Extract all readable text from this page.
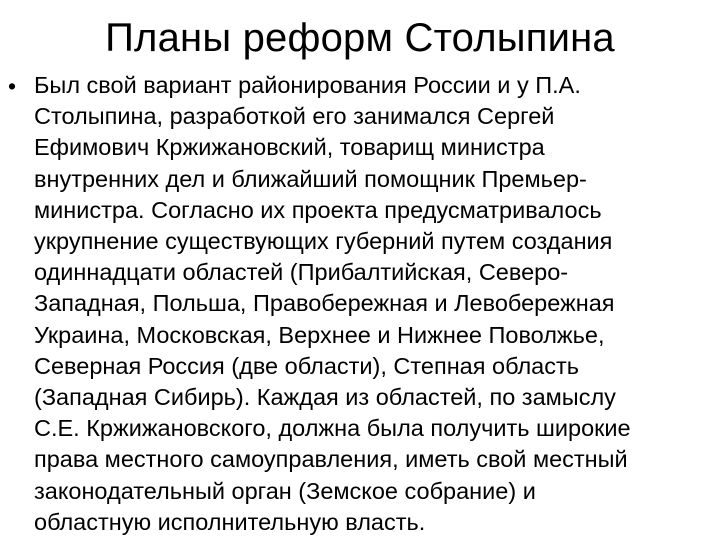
Планы реформ Столыпина
• Был свой вариант районирования России и у П.А.
Столыпина, разработкой его занимался Сергей
Ефимович Кржижановский, товарищ министра
внутренних дел и ближайший помощник Премьер-
министра. Согласно их проекта предусматривалось
укрупнение существующих губерний путем создания
одиннадцати областей (Прибалтийская, Северо-
Западная, Польша, Правобережная и Левобережная
Украина, Московская, Верхнее и Нижнее Поволжье,
Северная Россия (две области), Степная область
(Западная Сибирь). Каждая из областей, по замыслу
С.Е. Кржижановского, должна была получить широкие
права местного самоуправления, иметь свой местный
законодательный орган (Земское собрание) и
областную исполнительную власть.
